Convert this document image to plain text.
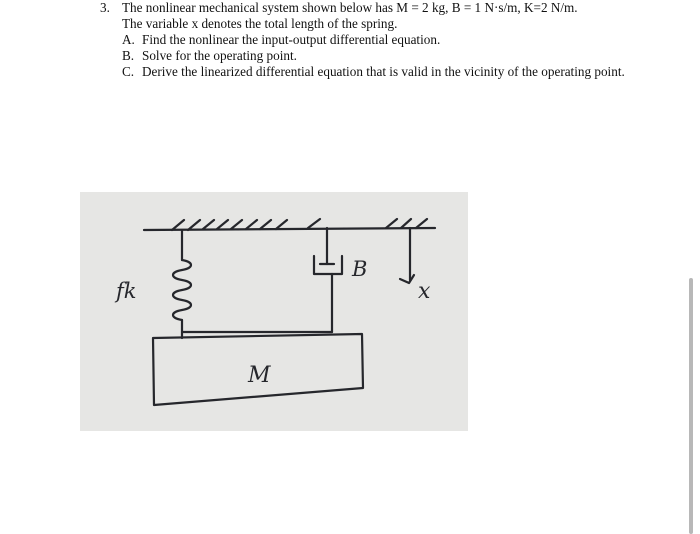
3. The nonlinear mechanical system shown below has M = 2 kg, B = 1 N·s/m, K=2 N/m.
The variable x denotes the total length of the spring.
A. Find the nonlinear the input-output differential equation.
B. Solve for the operating point.
C. Derive the linearized differential equation that is valid in the vicinity of the operating point.
fk
B
M
x
